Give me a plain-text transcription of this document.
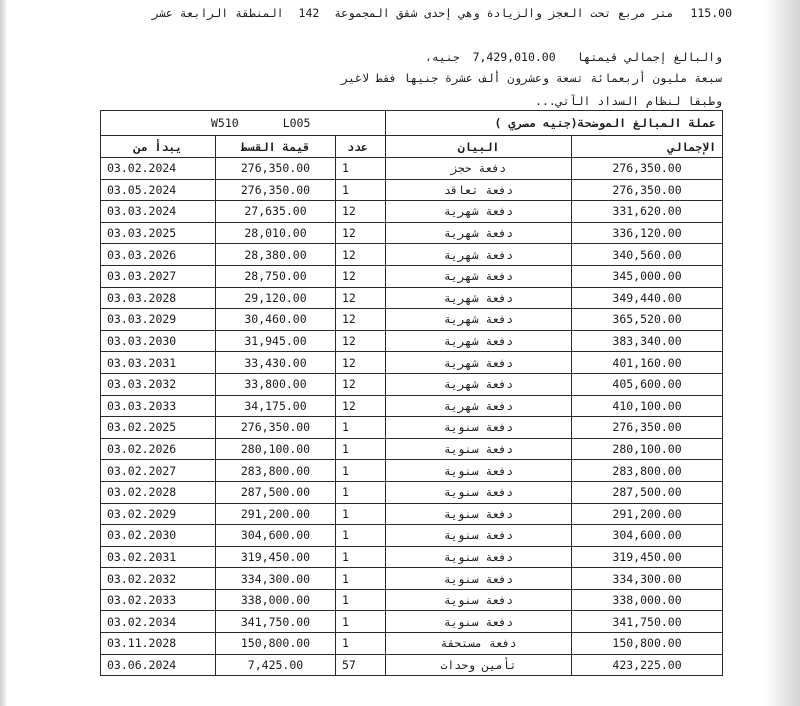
115.00 متر مربع تحت العجز والزيادة وهي إحدى شقق المجموعة 142 المنطقة الرابعة عشر
والبالغ إجمالي قيمتها 7,429,010.00 جنيه،
سبعة مليون أربعمائة تسعة وعشرون ألف عشرة جنيها فقط لاغير
وطبقا لنظام السداد الآتي...
W510 L005			عملة المبالغ الموضحة(جنيه مصري )	
يبدأ من	قيمة القسط	عدد	البيان	الإجمالي
03.02.2024	276,350.00	1	دفعة حجز	276,350.00
03.05.2024	276,350.00	1	دفعة تعاقد	276,350.00
03.03.2024	27,635.00	12	دفعة شهرية	331,620.00
03.03.2025	28,010.00	12	دفعة شهرية	336,120.00
03.03.2026	28,380.00	12	دفعة شهرية	340,560.00
03.03.2027	28,750.00	12	دفعة شهرية	345,000.00
03.03.2028	29,120.00	12	دفعة شهرية	349,440.00
03.03.2029	30,460.00	12	دفعة شهرية	365,520.00
03.03.2030	31,945.00	12	دفعة شهرية	383,340.00
03.03.2031	33,430.00	12	دفعة شهرية	401,160.00
03.03.2032	33,800.00	12	دفعة شهرية	405,600.00
03.03.2033	34,175.00	12	دفعة شهرية	410,100.00
03.02.2025	276,350.00	1	دفعة سنوية	276,350.00
03.02.2026	280,100.00	1	دفعة سنوية	280,100.00
03.02.2027	283,800.00	1	دفعة سنوية	283,800.00
03.02.2028	287,500.00	1	دفعة سنوية	287,500.00
03.02.2029	291,200.00	1	دفعة سنوية	291,200.00
03.02.2030	304,600.00	1	دفعة سنوية	304,600.00
03.02.2031	319,450.00	1	دفعة سنوية	319,450.00
03.02.2032	334,300.00	1	دفعة سنوية	334,300.00
03.02.2033	338,000.00	1	دفعة سنوية	338,000.00
03.02.2034	341,750.00	1	دفعة سنوية	341,750.00
03.11.2028	150,800.00	1	دفعة مستحقة	150,800.00
03.06.2024	7,425.00	57	تأمين وحدات	423,225.00
